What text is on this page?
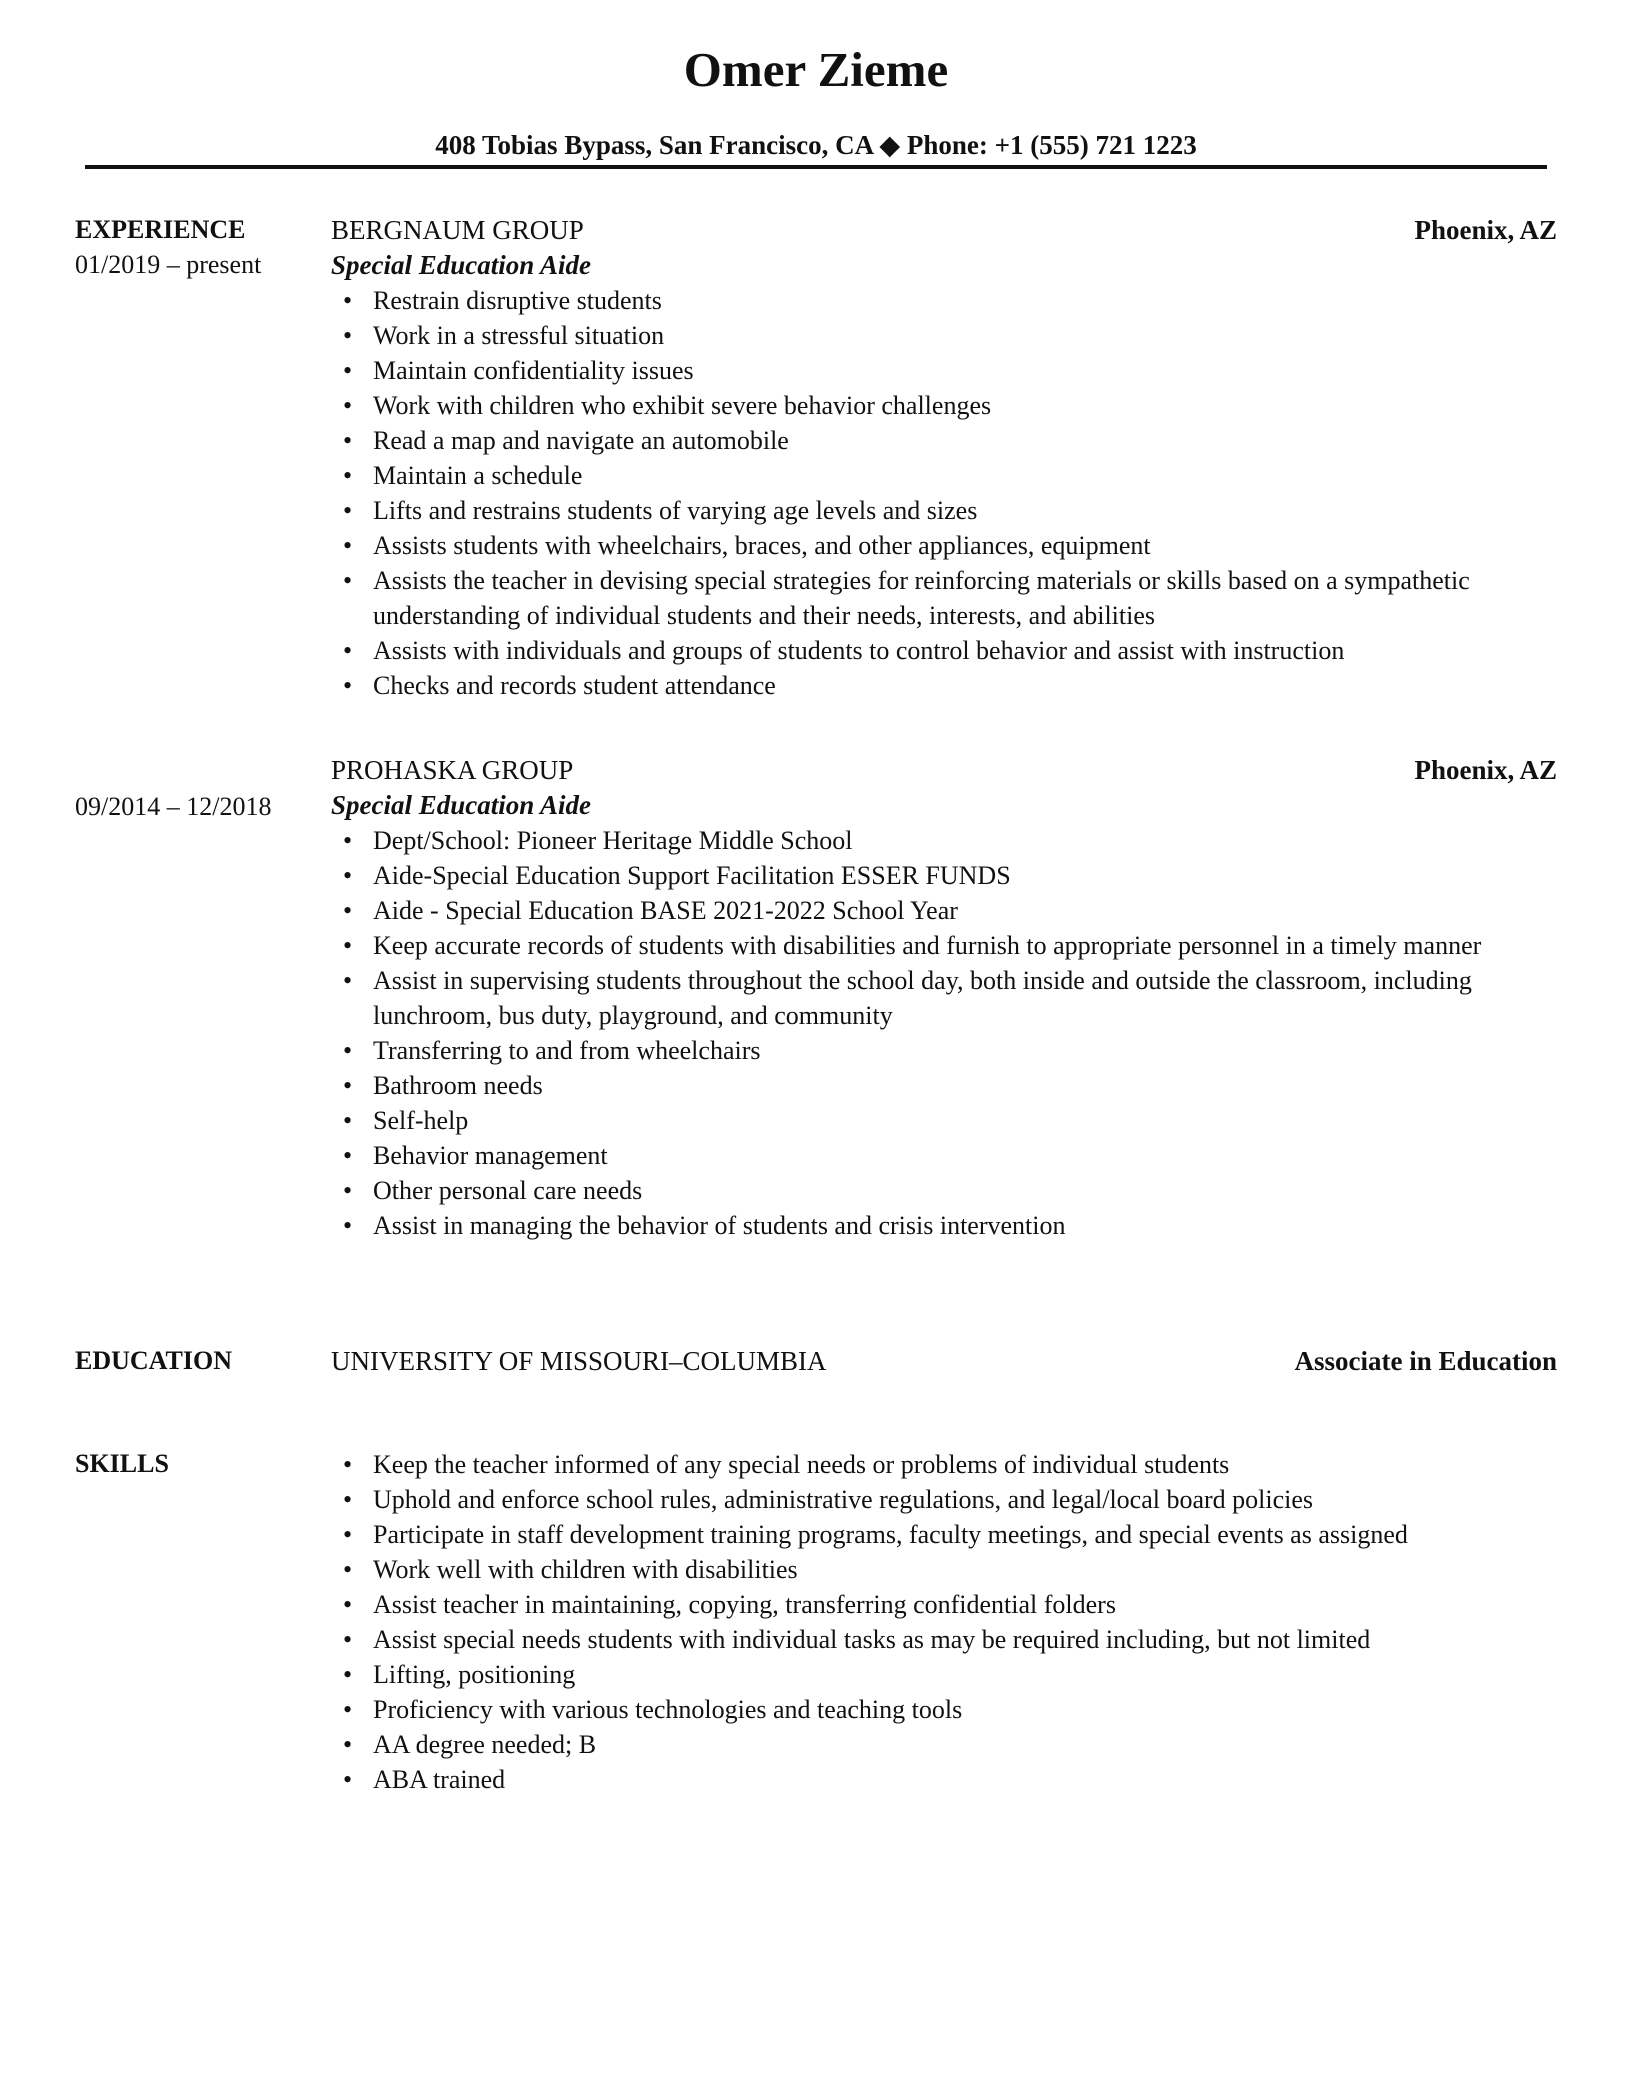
Omer Zieme
408 Tobias Bypass, San Francisco, CA ◆ Phone: +1 (555) 721 1223
EXPERIENCE
01/2019 – present
BERGNAUM GROUP	Phoenix, AZ
Special Education Aide
• Restrain disruptive students
• Work in a stressful situation
• Maintain confidentiality issues
• Work with children who exhibit severe behavior challenges
• Read a map and navigate an automobile
• Maintain a schedule
• Lifts and restrains students of varying age levels and sizes
• Assists students with wheelchairs, braces, and other appliances, equipment
• Assists the teacher in devising special strategies for reinforcing materials or skills based on a sympathetic understanding of individual students and their needs, interests, and abilities
• Assists with individuals and groups of students to control behavior and assist with instruction
• Checks and records student attendance
09/2014 – 12/2018
PROHASKA GROUP	Phoenix, AZ
Special Education Aide
• Dept/School: Pioneer Heritage Middle School
• Aide-Special Education Support Facilitation ESSER FUNDS
• Aide - Special Education BASE 2021-2022 School Year
• Keep accurate records of students with disabilities and furnish to appropriate personnel in a timely manner
• Assist in supervising students throughout the school day, both inside and outside the classroom, including lunchroom, bus duty, playground, and community
• Transferring to and from wheelchairs
• Bathroom needs
• Self-help
• Behavior management
• Other personal care needs
• Assist in managing the behavior of students and crisis intervention
EDUCATION	UNIVERSITY OF MISSOURI–COLUMBIA	Associate in Education
SKILLS
•	Keep the teacher informed of any special needs or problems of individual students
• Uphold and enforce school rules, administrative regulations, and legal/local board policies
• Participate in staff development training programs, faculty meetings, and special events as assigned
• Work well with children with disabilities
• Assist teacher in maintaining, copying, transferring confidential folders
• Assist special needs students with individual tasks as may be required including, but not limited
• Lifting, positioning
• Proficiency with various technologies and teaching tools
• AA degree needed; B
• ABA trained
